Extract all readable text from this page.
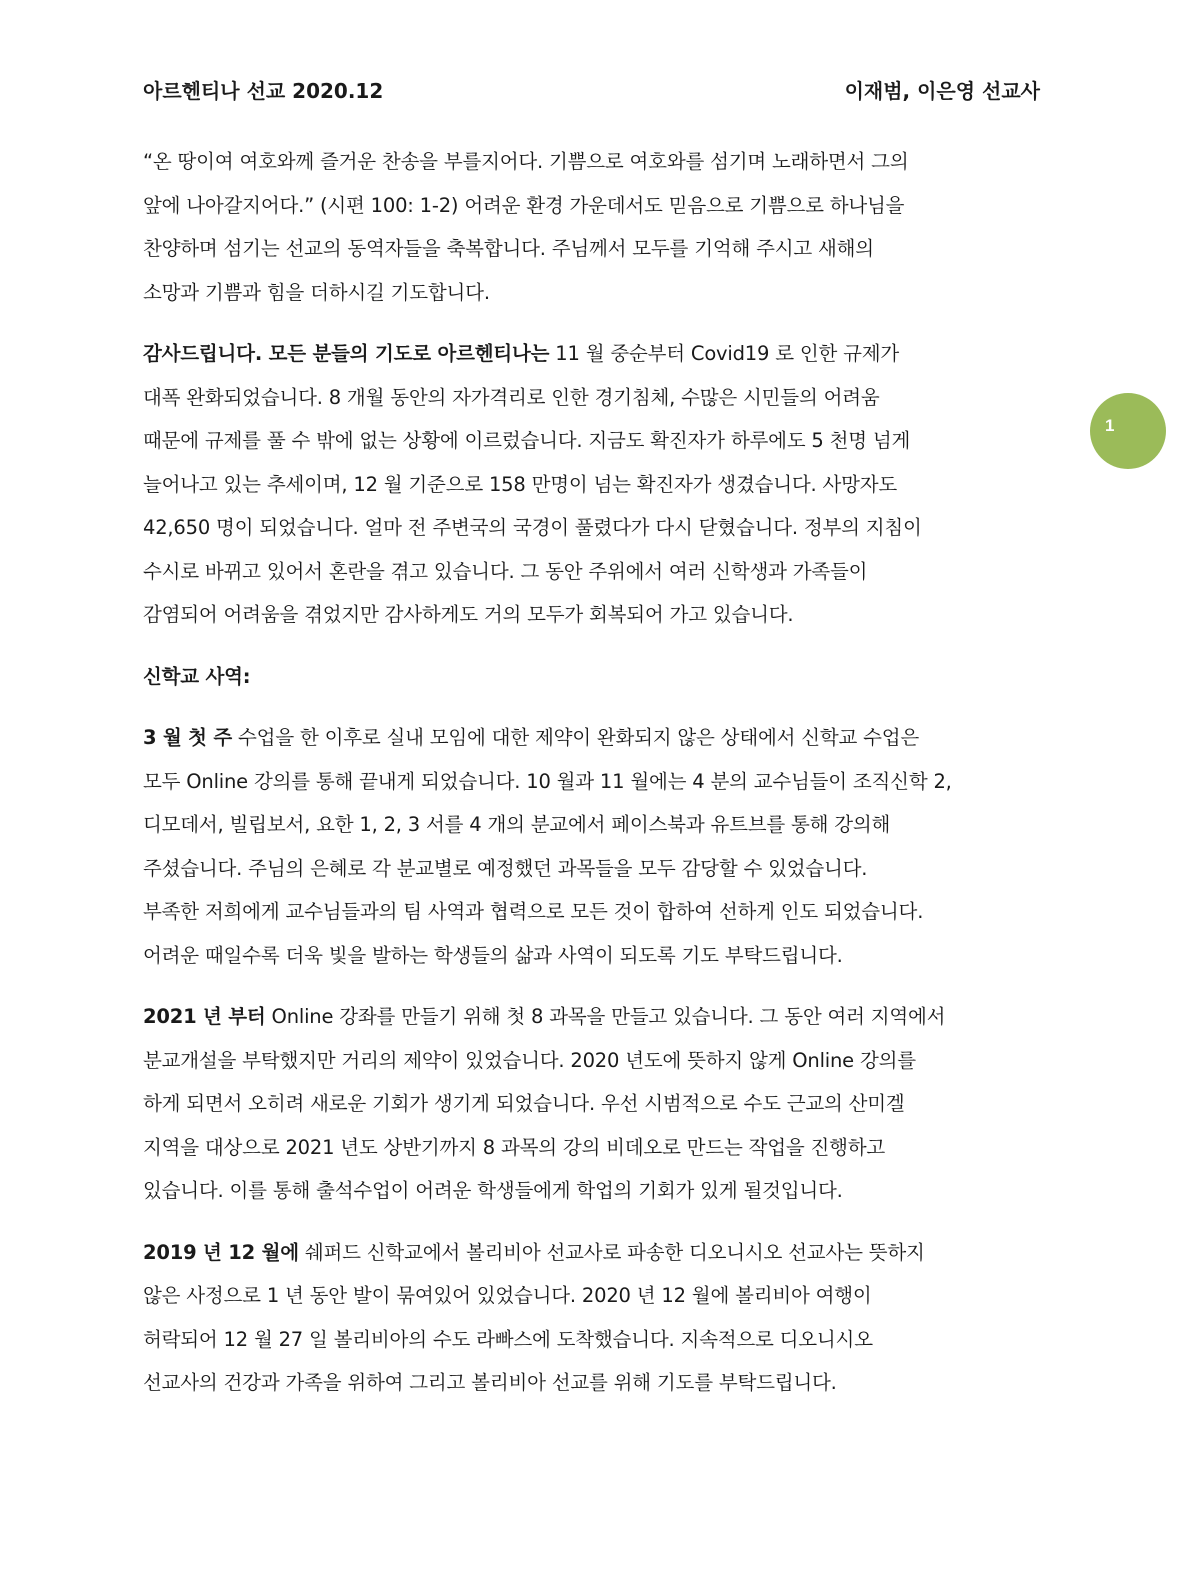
아르헨티나 선교 2020.12	이재범, 이은영 선교사
1

“온 땅이여 여호와께 즐거운 찬송을 부를지어다. 기쁨으로 여호와를 섬기며 노래하면서 그의
앞에 나아갈지어다.” (시편 100: 1-2) 어려운 환경 가운데서도 믿음으로 기쁨으로 하나님을
찬양하며 섬기는 선교의 동역자들을 축복합니다. 주님께서 모두를 기억해 주시고 새해의
소망과 기쁨과 힘을 더하시길 기도합니다.

감사드립니다. 모든 분들의 기도로 아르헨티나는 11 월 중순부터 Covid19 로 인한 규제가
대폭 완화되었습니다. 8 개월 동안의 자가격리로 인한 경기침체, 수많은 시민들의 어려움
때문에 규제를 풀 수 밖에 없는 상황에 이르렀습니다. 지금도 확진자가 하루에도 5 천명 넘게
늘어나고 있는 추세이며, 12 월 기준으로 158 만명이 넘는 확진자가 생겼습니다. 사망자도
42,650 명이 되었습니다. 얼마 전 주변국의 국경이 풀렸다가 다시 닫혔습니다. 정부의 지침이
수시로 바뀌고 있어서 혼란을 겪고 있습니다. 그 동안 주위에서 여러 신학생과 가족들이
감염되어 어려움을 겪었지만 감사하게도 거의 모두가 회복되어 가고 있습니다.

신학교 사역:

3 월 첫 주 수업을 한 이후로 실내 모임에 대한 제약이 완화되지 않은 상태에서 신학교 수업은
모두 Online 강의를 통해 끝내게 되었습니다. 10 월과 11 월에는 4 분의 교수님들이 조직신학 2,
디모데서, 빌립보서, 요한 1, 2, 3 서를 4 개의 분교에서 페이스북과 유트브를 통해 강의해
주셨습니다. 주님의 은혜로 각 분교별로 예정했던 과목들을 모두 감당할 수 있었습니다.
부족한 저희에게 교수님들과의 팀 사역과 협력으로 모든 것이 합하여 선하게 인도 되었습니다.
어려운 때일수록 더욱 빛을 발하는 학생들의 삶과 사역이 되도록 기도 부탁드립니다.

2021 년 부터 Online 강좌를 만들기 위해 첫 8 과목을 만들고 있습니다. 그 동안 여러 지역에서
분교개설을 부탁했지만 거리의 제약이 있었습니다. 2020 년도에 뜻하지 않게 Online 강의를
하게 되면서 오히려 새로운 기회가 생기게 되었습니다. 우선 시범적으로 수도 근교의 산미겔
지역을 대상으로 2021 년도 상반기까지 8 과목의 강의 비데오로 만드는 작업을 진행하고
있습니다. 이를 통해 출석수업이 어려운 학생들에게 학업의 기회가 있게 될것입니다.

2019 년 12 월에 쉐퍼드 신학교에서 볼리비아 선교사로 파송한 디오니시오 선교사는 뜻하지
않은 사정으로 1 년 동안 발이 묶여있어 있었습니다. 2020 년 12 월에 볼리비아 여행이
허락되어 12 월 27 일 볼리비아의 수도 라빠스에 도착했습니다. 지속적으로 디오니시오
선교사의 건강과 가족을 위하여 그리고 볼리비아 선교를 위해 기도를 부탁드립니다.
